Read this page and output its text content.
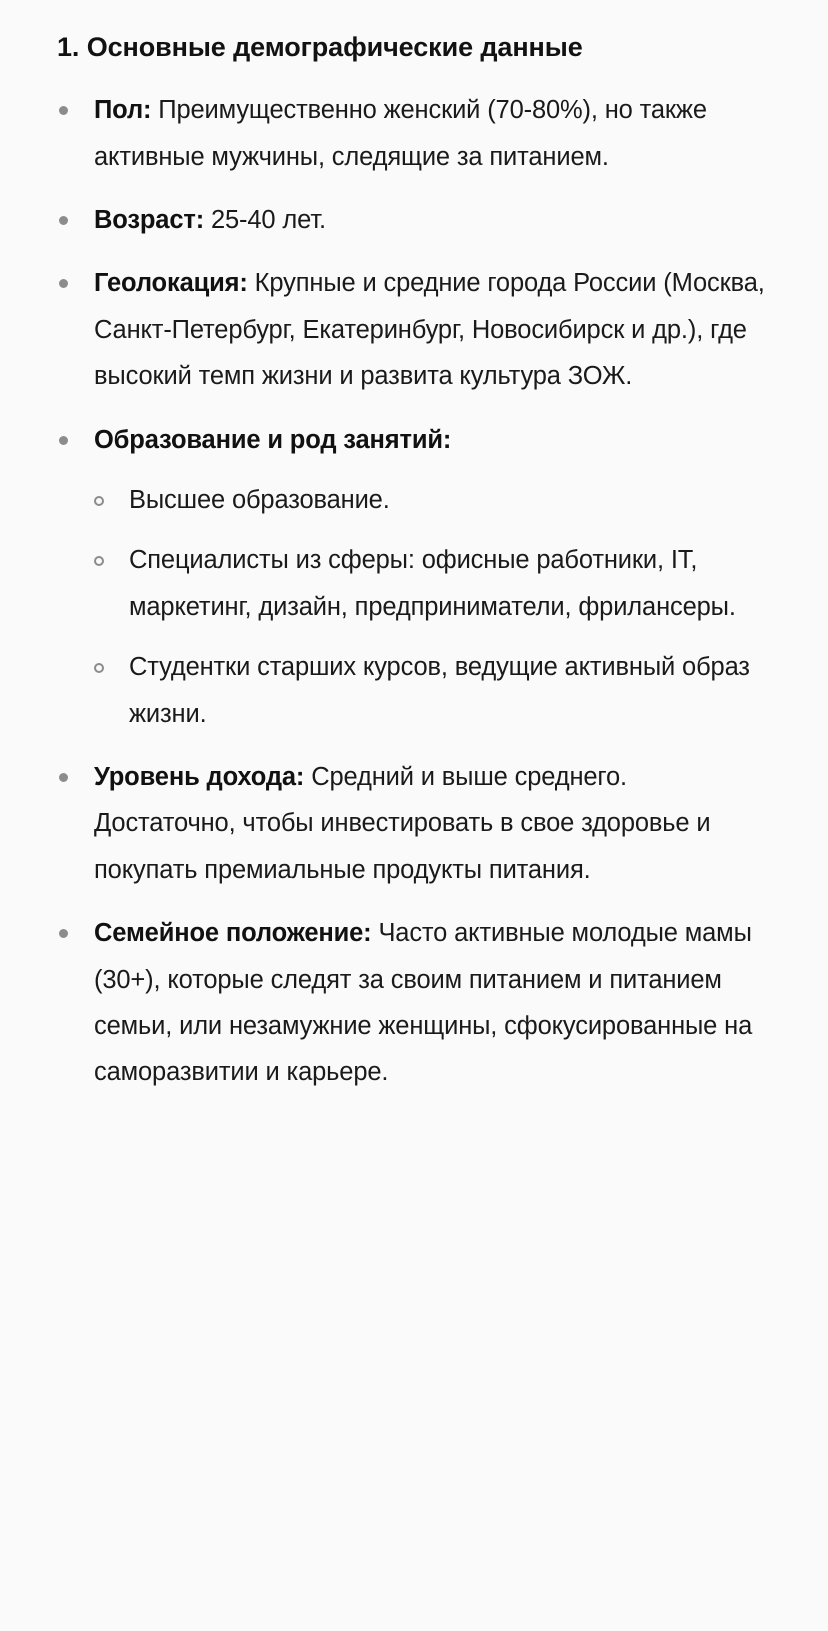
1. Основные демографические данные
Пол: Преимущественно женский (70-80%), но также активные мужчины, следящие за питанием.
Возраст: 25-40 лет.
Геолокация: Крупные и средние города России (Москва, Санкт-Петербург, Екатеринбург, Новосибирск и др.), где высокий темп жизни и развита культура ЗОЖ.
Образование и род занятий:
Высшее образование.
Специалисты из сферы: офисные работники, IT, маркетинг, дизайн, предприниматели, фрилансеры.
Студентки старших курсов, ведущие активный образ жизни.
Уровень дохода: Средний и выше среднего. Достаточно, чтобы инвестировать в свое здоровье и покупать премиальные продукты питания.
Семейное положение: Часто активные молодые мамы (30+), которые следят за своим питанием и питанием семьи, или незамужние женщины, сфокусированные на саморазвитии и карьере.
